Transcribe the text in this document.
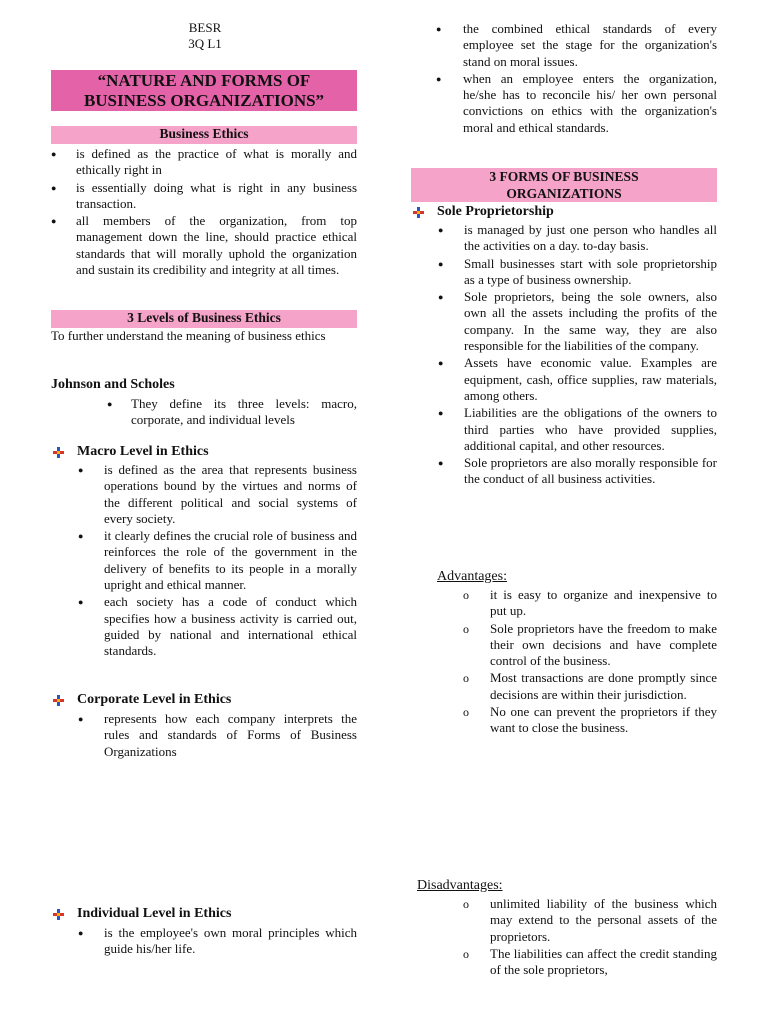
BESR
3Q L1
“NATURE AND FORMS OF
BUSINESS ORGANIZATIONS”
Business Ethics
● is defined as the practice of what is morally and ethically right in
● is essentially doing what is right in any business transaction.
● all members of the organization, from top management down the line, should practice ethical standards that will morally uphold the organization and sustain its credibility and integrity at all times.
3 Levels of Business Ethics
To further understand the meaning of business ethics
Johnson and Scholes
● They define its three levels: macro, corporate, and individual levels
Macro Level in Ethics
● is defined as the area that represents business operations bound by the virtues and norms of the different political and social systems of every society.
● it clearly defines the crucial role of business and reinforces the role of the government in the delivery of benefits to its people in a morally upright and ethical manner.
● each society has a code of conduct which specifies how a business activity is carried out, guided by national and international ethical standards.
Corporate Level in Ethics
● represents how each company interprets the rules and standards of Forms of Business Organizations
Individual Level in Ethics
● is the employee's own moral principles which guide his/her life.
● the combined ethical standards of every employee set the stage for the organization's stand on moral issues.
● when an employee enters the organization, he/she has to reconcile his/ her own personal convictions on ethics with the organization's moral and ethical standards.
3 FORMS OF BUSINESS
ORGANIZATIONS
Sole Proprietorship
● is managed by just one person who handles all the activities on a day. to-day basis.
● Small businesses start with sole proprietorship as a type of business ownership.
● Sole proprietors, being the sole owners, also own all the assets including the profits of the company. In the same way, they are also responsible for the liabilities of the company.
● Assets have economic value. Examples are equipment, cash, office supplies, raw materials, among others.
● Liabilities are the obligations of the owners to third parties who have provided supplies, additional capital, and other resources.
● Sole proprietors are also morally responsible for the conduct of all business activities.
Advantages:
o it is easy to organize and inexpensive to put up.
o Sole proprietors have the freedom to make their own decisions and have complete control of the business.
o Most transactions are done promptly since decisions are within their jurisdiction.
o No one can prevent the proprietors if they want to close the business.
Disadvantages:
o unlimited liability of the business which may extend to the personal assets of the proprietors.
o The liabilities can affect the credit standing of the sole proprietors,
